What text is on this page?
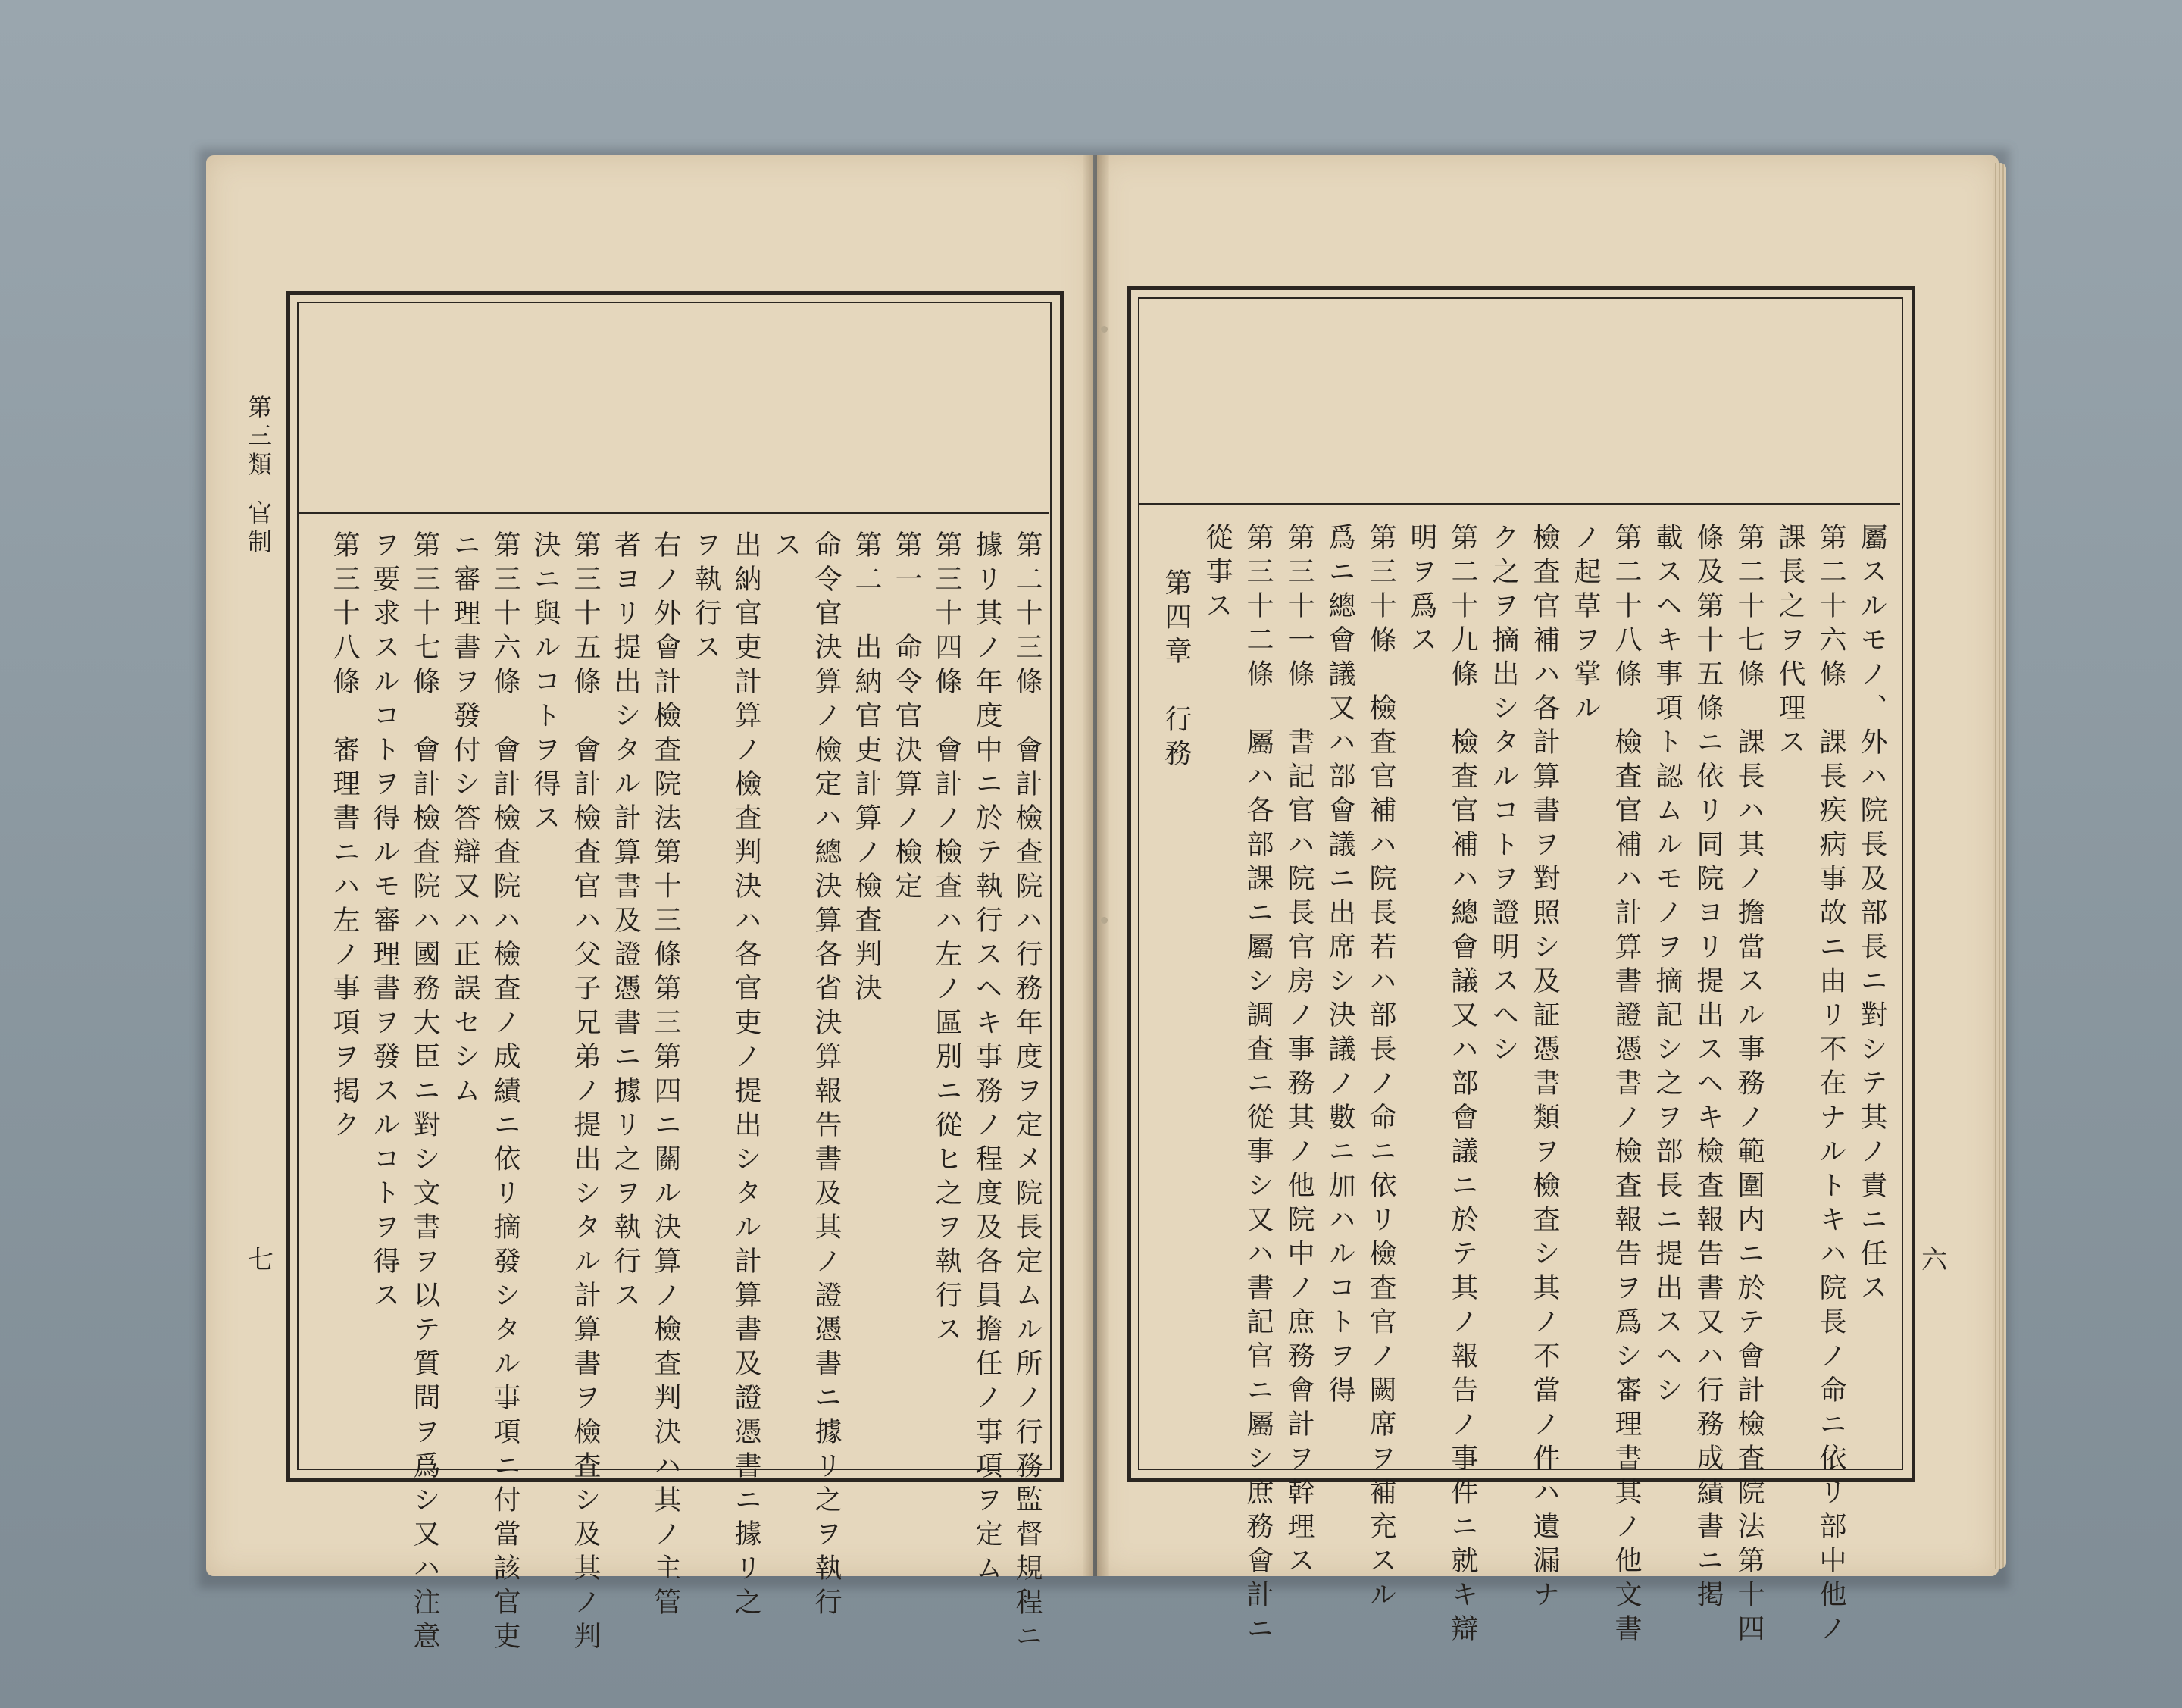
第三類
官制
七	六
第二十三條　會計檢查院ハ行務年度ヲ定メ院長定ムル所ノ行務監督規程ニ
據リ其ノ年度中ニ於テ執行スヘキ事務ノ程度及各員擔任ノ事項ヲ定ム
第三十四條　會計ノ檢査ハ左ノ區別ニ從ヒ之ヲ執行ス
第一　命令官決算ノ檢定
第二　出納官吏計算ノ檢査判決
命令官決算ノ檢定ハ總決算各省決算報告書及其ノ證憑書ニ據リ之ヲ執行
ス
出納官吏計算ノ檢査判決ハ各官吏ノ提出シタル計算書及證憑書ニ據リ之
ヲ執行ス
右ノ外會計檢査院法第十三條第三第四ニ關ル決算ノ檢査判決ハ其ノ主管
者ヨリ提出シタル計算書及證憑書ニ據リ之ヲ執行ス
第三十五條　會計檢査官ハ父子兄弟ノ提出シタル計算書ヲ檢査シ及其ノ判
決ニ與ルコトヲ得ス
第三十六條　會計檢査院ハ檢査ノ成績ニ依リ摘發シタル事項ニ付當該官吏
ニ審理書ヲ發付シ答辯又ハ正誤セシム
第三十七條　會計檢査院ハ國務大臣ニ對シ文書ヲ以テ質問ヲ爲シ又ハ注意
ヲ要求スルコトヲ得ルモ審理書ヲ發スルコトヲ得ス
第三十八條　審理書ニハ左ノ事項ヲ掲ク	屬スルモノ、外ハ院長及部長ニ對シテ其ノ責ニ任ス
第二十六條　課長疾病事故ニ由リ不在ナルトキハ院長ノ命ニ依リ部中他ノ
課長之ヲ代理ス
第二十七條　課長ハ其ノ擔當スル事務ノ範圍内ニ於テ會計檢査院法第十四
條及第十五條ニ依リ同院ヨリ提出スヘキ檢査報告書又ハ行務成績書ニ掲
載スヘキ事項ト認ムルモノヲ摘記シ之ヲ部長ニ提出スヘシ
第二十八條　檢査官補ハ計算書證憑書ノ檢査報告ヲ爲シ審理書其ノ他文書
ノ起草ヲ掌ル
檢査官補ハ各計算書ヲ對照シ及証憑書類ヲ檢査シ其ノ不當ノ件ハ遺漏ナ
ク之ヲ摘出シタルコトヲ證明スヘシ
第二十九條　檢査官補ハ總會議又ハ部會議ニ於テ其ノ報告ノ事件ニ就キ辯
明ヲ爲ス
第三十條　檢査官補ハ院長若ハ部長ノ命ニ依リ檢査官ノ闕席ヲ補充スル
爲ニ總會議又ハ部會議ニ出席シ決議ノ數ニ加ハルコトヲ得
第三十一條　書記官ハ院長官房ノ事務其ノ他院中ノ庶務會計ヲ幹理ス
第三十二條　屬ハ各部課ニ屬シ調査ニ從事シ又ハ書記官ニ屬シ庶務會計ニ
從事ス
第四章　行務
